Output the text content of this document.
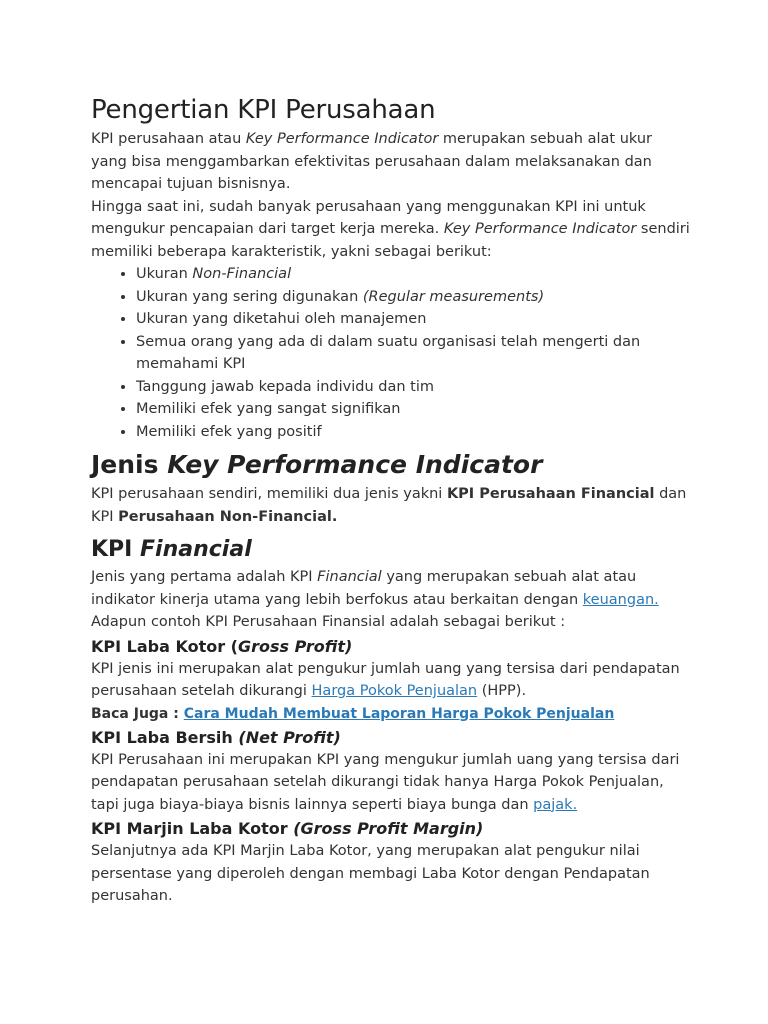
Pengertian KPI Perusahaan

KPI perusahaan atau Key Performance Indicator merupakan sebuah alat ukur yang bisa menggambarkan efektivitas perusahaan dalam melaksanakan dan mencapai tujuan bisnisnya.

Hingga saat ini, sudah banyak perusahaan yang menggunakan KPI ini untuk mengukur pencapaian dari target kerja mereka. Key Performance Indicator sendiri memiliki beberapa karakteristik, yakni sebagai berikut:

• Ukuran Non-Financial
• Ukuran yang sering digunakan (Regular measurements)
• Ukuran yang diketahui oleh manajemen
• Semua orang yang ada di dalam suatu organisasi telah mengerti dan memahami KPI
• Tanggung jawab kepada individu dan tim
• Memiliki efek yang sangat signifikan
• Memiliki efek yang positif
Jenis Key Performance Indicator

KPI perusahaan sendiri, memiliki dua jenis yakni KPI Perusahaan Financial dan KPI Perusahaan Non-Financial.

KPI Financial

Jenis yang pertama adalah KPI Financial yang merupakan sebuah alat atau indikator kinerja utama yang lebih berfokus atau berkaitan dengan keuangan. Adapun contoh KPI Perusahaan Finansial adalah sebagai berikut :

KPI Laba Kotor (Gross Profit)

KPI jenis ini merupakan alat pengukur jumlah uang yang tersisa dari pendapatan perusahaan setelah dikurangi Harga Pokok Penjualan (HPP).

Baca Juga : Cara Mudah Membuat Laporan Harga Pokok Penjualan

KPI Laba Bersih (Net Profit)

KPI Perusahaan ini merupakan KPI yang mengukur jumlah uang yang tersisa dari pendapatan perusahaan setelah dikurangi tidak hanya Harga Pokok Penjualan, tapi juga biaya-biaya bisnis lainnya seperti biaya bunga dan pajak.

KPI Marjin Laba Kotor (Gross Profit Margin)

Selanjutnya ada KPI Marjin Laba Kotor, yang merupakan alat pengukur nilai persentase yang diperoleh dengan membagi Laba Kotor dengan Pendapatan perusahan.
